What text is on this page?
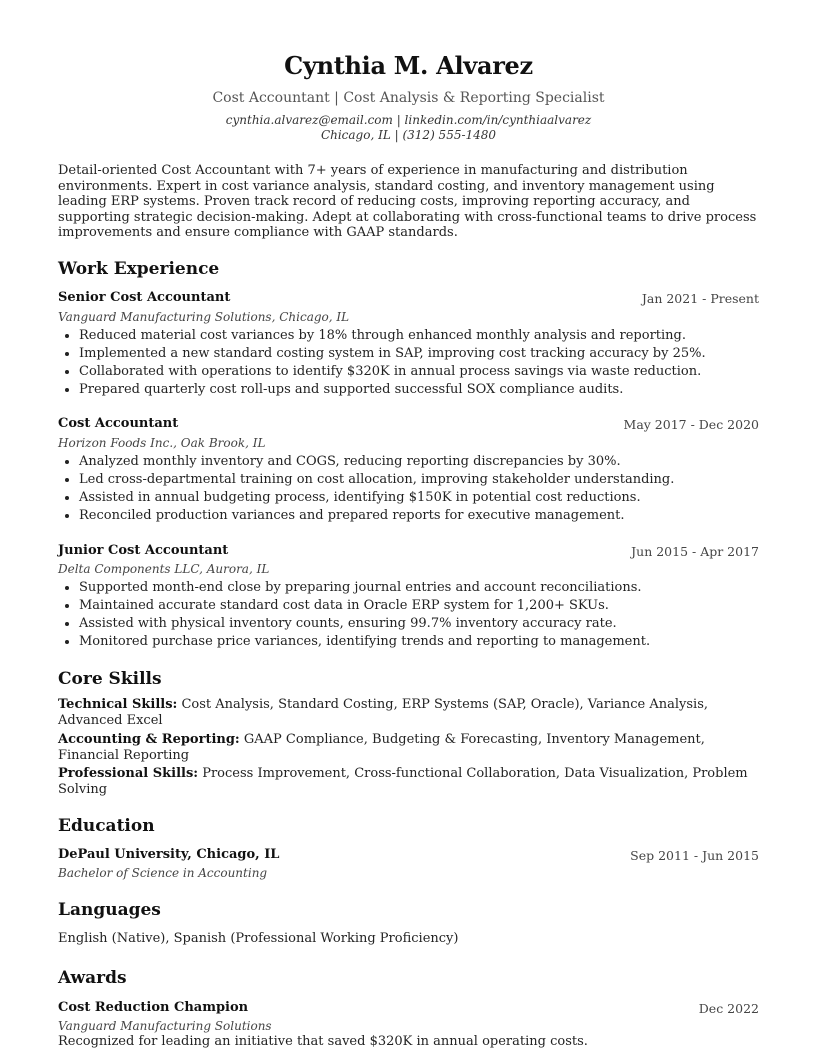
Cynthia M. Alvarez
Cost Accountant | Cost Analysis & Reporting Specialist
cynthia.alvarez@email.com | linkedin.com/in/cynthiaalvarez
Chicago, IL | (312) 555-1480
Detail-oriented Cost Accountant with 7+ years of experience in manufacturing and distribution environments. Expert in cost variance analysis, standard costing, and inventory management using leading ERP systems. Proven track record of reducing costs, improving reporting accuracy, and supporting strategic decision-making. Adept at collaborating with cross-functional teams to drive process improvements and ensure compliance with GAAP standards.
Work Experience
Senior Cost Accountant	Jan 2021 - Present
Vanguard Manufacturing Solutions, Chicago, IL
• Reduced material cost variances by 18% through enhanced monthly analysis and reporting.
• Implemented a new standard costing system in SAP, improving cost tracking accuracy by 25%.
• Collaborated with operations to identify $320K in annual process savings via waste reduction.
• Prepared quarterly cost roll-ups and supported successful SOX compliance audits.
Cost Accountant	May 2017 - Dec 2020
Horizon Foods Inc., Oak Brook, IL
• Analyzed monthly inventory and COGS, reducing reporting discrepancies by 30%.
• Led cross-departmental training on cost allocation, improving stakeholder understanding.
• Assisted in annual budgeting process, identifying $150K in potential cost reductions.
• Reconciled production variances and prepared reports for executive management.
Junior Cost Accountant	Jun 2015 - Apr 2017
Delta Components LLC, Aurora, IL
• Supported month-end close by preparing journal entries and account reconciliations.
• Maintained accurate standard cost data in Oracle ERP system for 1,200+ SKUs.
• Assisted with physical inventory counts, ensuring 99.7% inventory accuracy rate.
• Monitored purchase price variances, identifying trends and reporting to management.
Core Skills
Technical Skills: Cost Analysis, Standard Costing, ERP Systems (SAP, Oracle), Variance Analysis, Advanced Excel
Accounting & Reporting: GAAP Compliance, Budgeting & Forecasting, Inventory Management, Financial Reporting
Professional Skills: Process Improvement, Cross-functional Collaboration, Data Visualization, Problem Solving
Education
DePaul University, Chicago, IL	Sep 2011 - Jun 2015
Bachelor of Science in Accounting
Languages
English (Native), Spanish (Professional Working Proficiency)
Awards
Cost Reduction Champion	Dec 2022
Vanguard Manufacturing Solutions
Recognized for leading an initiative that saved $320K in annual operating costs.
